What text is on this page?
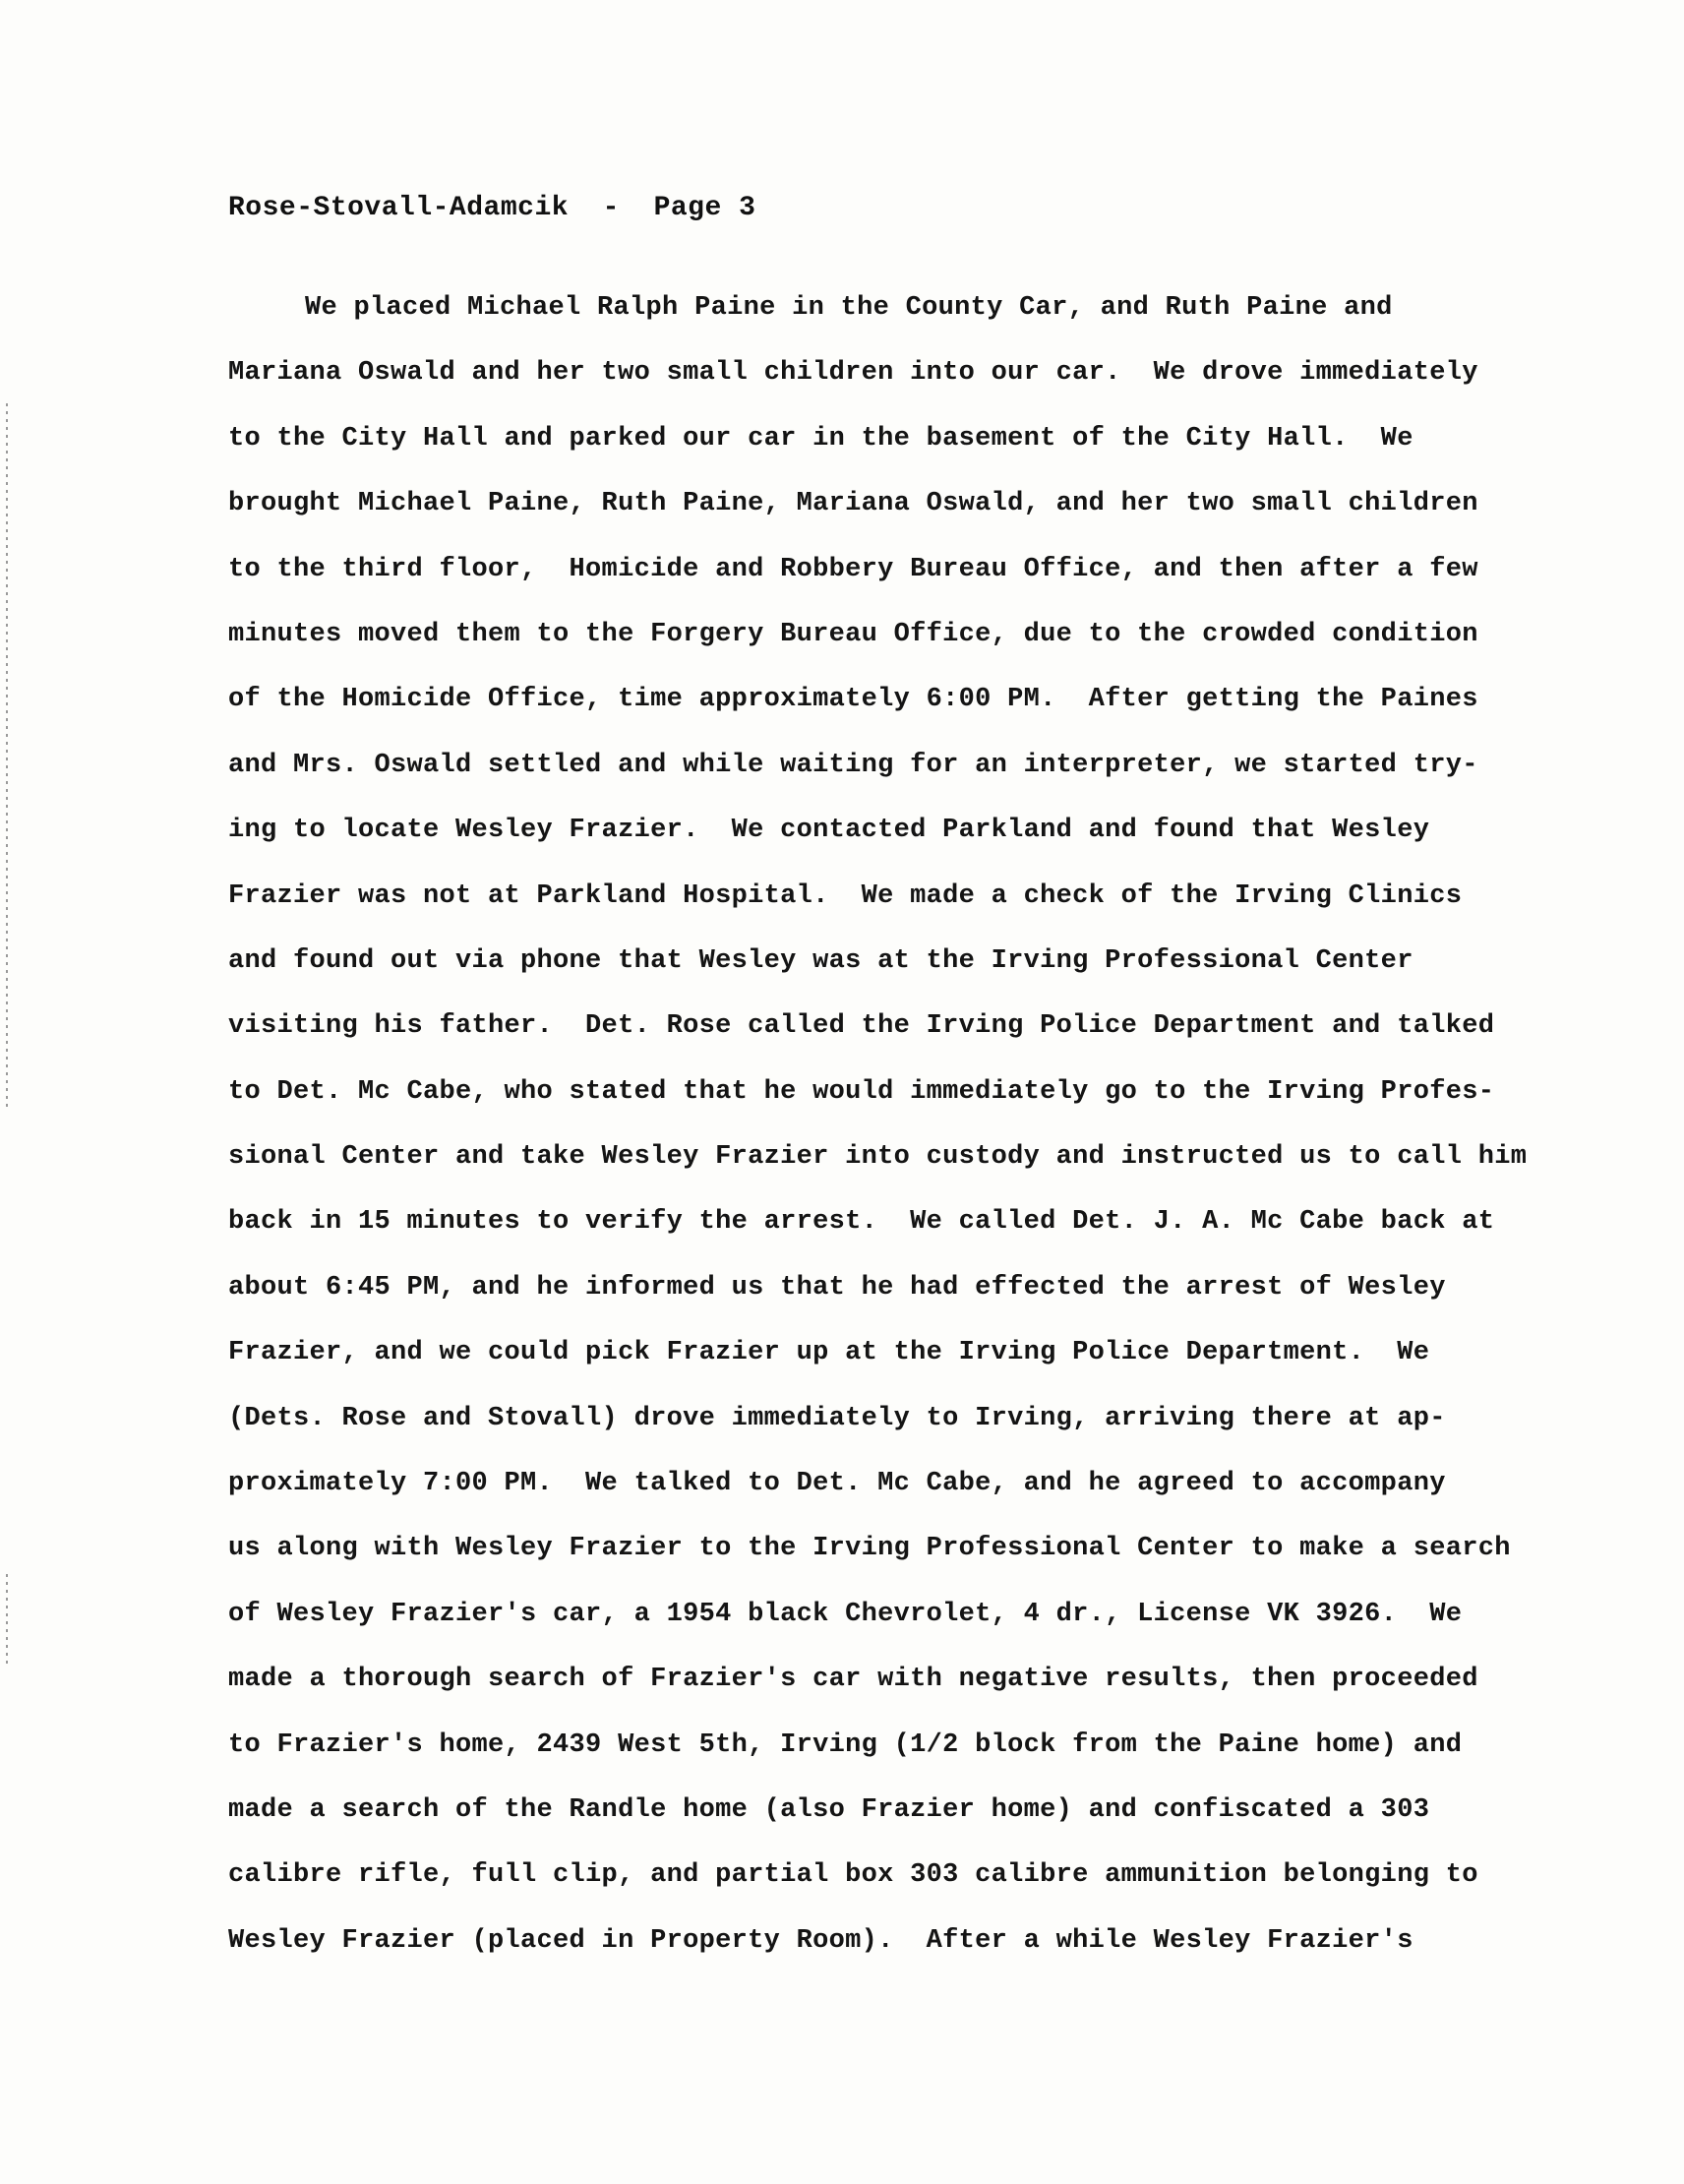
Rose-Stovall-Adamcik  -  Page 3
We placed Michael Ralph Paine in the County Car, and Ruth Paine and
Mariana Oswald and her two small children into our car.  We drove immediately
to the City Hall and parked our car in the basement of the City Hall.  We
brought Michael Paine, Ruth Paine, Mariana Oswald, and her two small children
to the third floor,  Homicide and Robbery Bureau Office, and then after a few
minutes moved them to the Forgery Bureau Office, due to the crowded condition
of the Homicide Office, time approximately 6:00 PM.  After getting the Paines
and Mrs. Oswald settled and while waiting for an interpreter, we started try-
ing to locate Wesley Frazier.  We contacted Parkland and found that Wesley
Frazier was not at Parkland Hospital.  We made a check of the Irving Clinics
and found out via phone that Wesley was at the Irving Professional Center
visiting his father.  Det. Rose called the Irving Police Department and talked
to Det. Mc Cabe, who stated that he would immediately go to the Irving Profes-
sional Center and take Wesley Frazier into custody and instructed us to call him
back in 15 minutes to verify the arrest.  We called Det. J. A. Mc Cabe back at
about 6:45 PM, and he informed us that he had effected the arrest of Wesley
Frazier, and we could pick Frazier up at the Irving Police Department.  We
(Dets. Rose and Stovall) drove immediately to Irving, arriving there at ap-
proximately 7:00 PM.  We talked to Det. Mc Cabe, and he agreed to accompany
us along with Wesley Frazier to the Irving Professional Center to make a search
of Wesley Frazier's car, a 1954 black Chevrolet, 4 dr., License VK 3926.  We
made a thorough search of Frazier's car with negative results, then proceeded
to Frazier's home, 2439 West 5th, Irving (1/2 block from the Paine home) and
made a search of the Randle home (also Frazier home) and confiscated a 303
calibre rifle, full clip, and partial box 303 calibre ammunition belonging to
Wesley Frazier (placed in Property Room).  After a while Wesley Frazier's
